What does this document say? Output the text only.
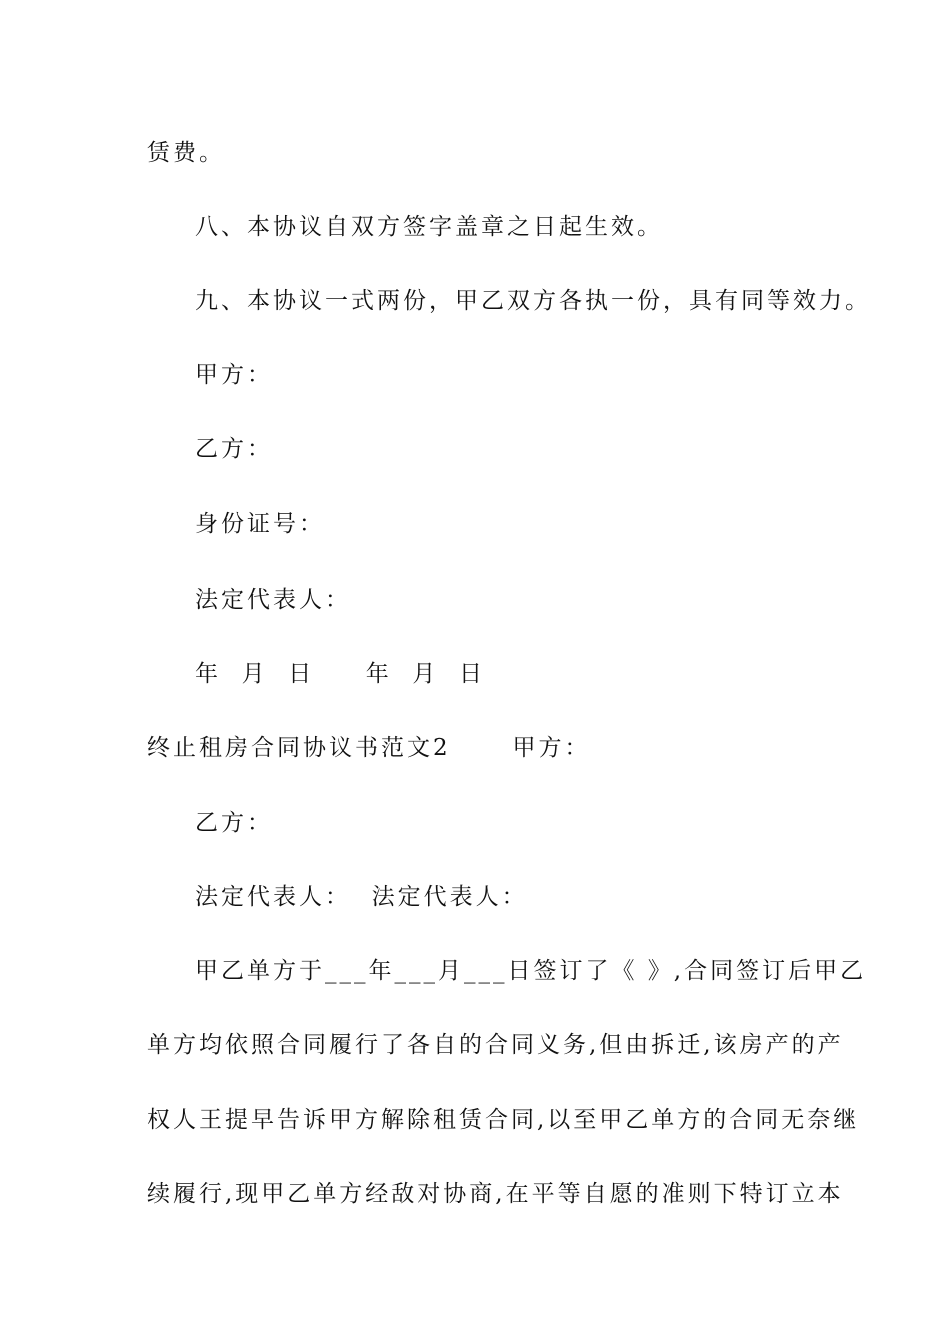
赁费。
八、本协议自双方签字盖章之日起生效。
九、本协议一式两份，甲乙双方各执一份，具有同等效力。
甲方：
乙方：
身份证号：
法定代表人：
年  月  日     年  月  日
终止租房合同协议书范文2      甲方：
乙方：
法定代表人：  法定代表人：
甲乙单方于___年___月___日签订了《 》,合同签订后甲乙
单方均依照合同履行了各自的合同义务,但由拆迁,该房产的产
权人王提早告诉甲方解除租赁合同,以至甲乙单方的合同无奈继
续履行,现甲乙单方经敌对协商,在平等自愿的准则下特订立本
